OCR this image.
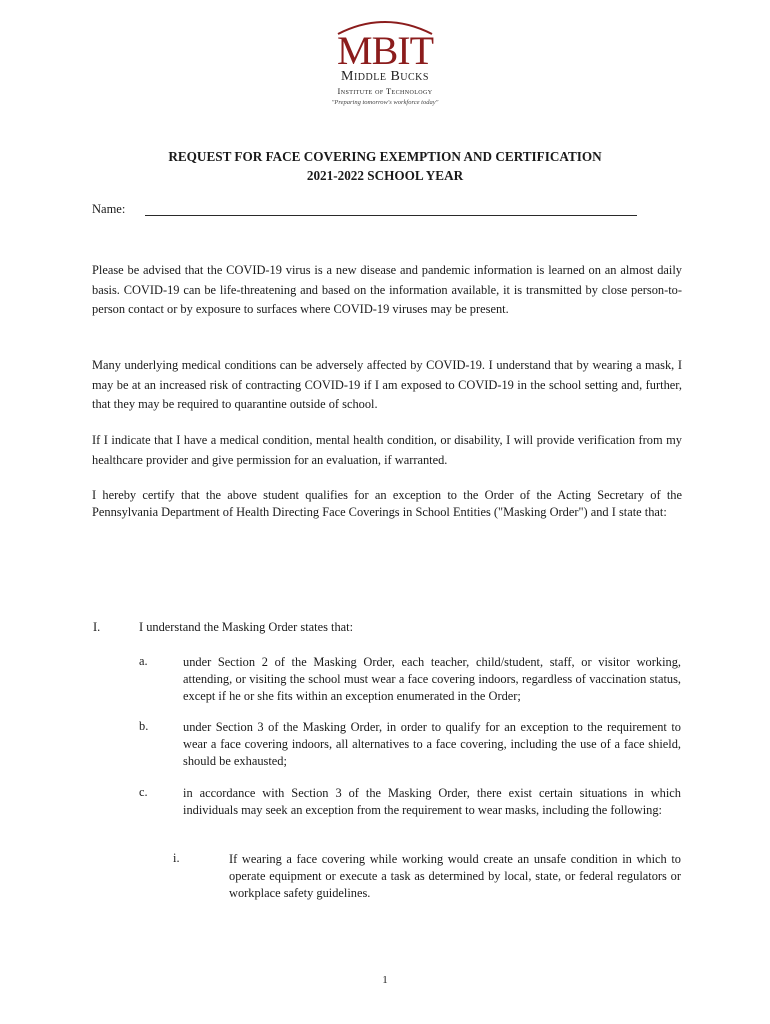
MBIT
Middle Bucks
Institute of Technology
"Preparing tomorrow's workforce today"
REQUEST FOR FACE COVERING EXEMPTION AND CERTIFICATION
2021-2022 SCHOOL YEAR
Name:
Please be advised that the COVID-19 virus is a new disease and pandemic information is learned on an almost daily basis. COVID-19 can be life-threatening and based on the information available, it is transmitted by close person-to-person contact or by exposure to surfaces where COVID-19 viruses may be present.
Many underlying medical conditions can be adversely affected by COVID-19. I understand that by wearing a mask, I may be at an increased risk of contracting COVID-19 if I am exposed to COVID-19 in the school setting and, further, that they may be required to quarantine outside of school.
If I indicate that I have a medical condition, mental health condition, or disability, I will provide verification from my healthcare provider and give permission for an evaluation, if warranted.
I hereby certify that the above student qualifies for an exception to the Order of the Acting Secretary of the Pennsylvania Department of Health Directing Face Coverings in School Entities ("Masking Order") and I state that:
I.	I understand the Masking Order states that:
a.	under Section 2 of the Masking Order, each teacher, child/student, staff, or visitor working, attending, or visiting the school must wear a face covering indoors, regardless of vaccination status, except if he or she fits within an exception enumerated in the Order;
b.	under Section 3 of the Masking Order, in order to qualify for an exception to the requirement to wear a face covering indoors, all alternatives to a face covering, including the use of a face shield, should be exhausted;
c.	in accordance with Section 3 of the Masking Order, there exist certain situations in which individuals may seek an exception from the requirement to wear masks, including the following:
i.	If wearing a face covering while working would create an unsafe condition in which to operate equipment or execute a task as determined by local, state, or federal regulators or workplace safety guidelines.
1
